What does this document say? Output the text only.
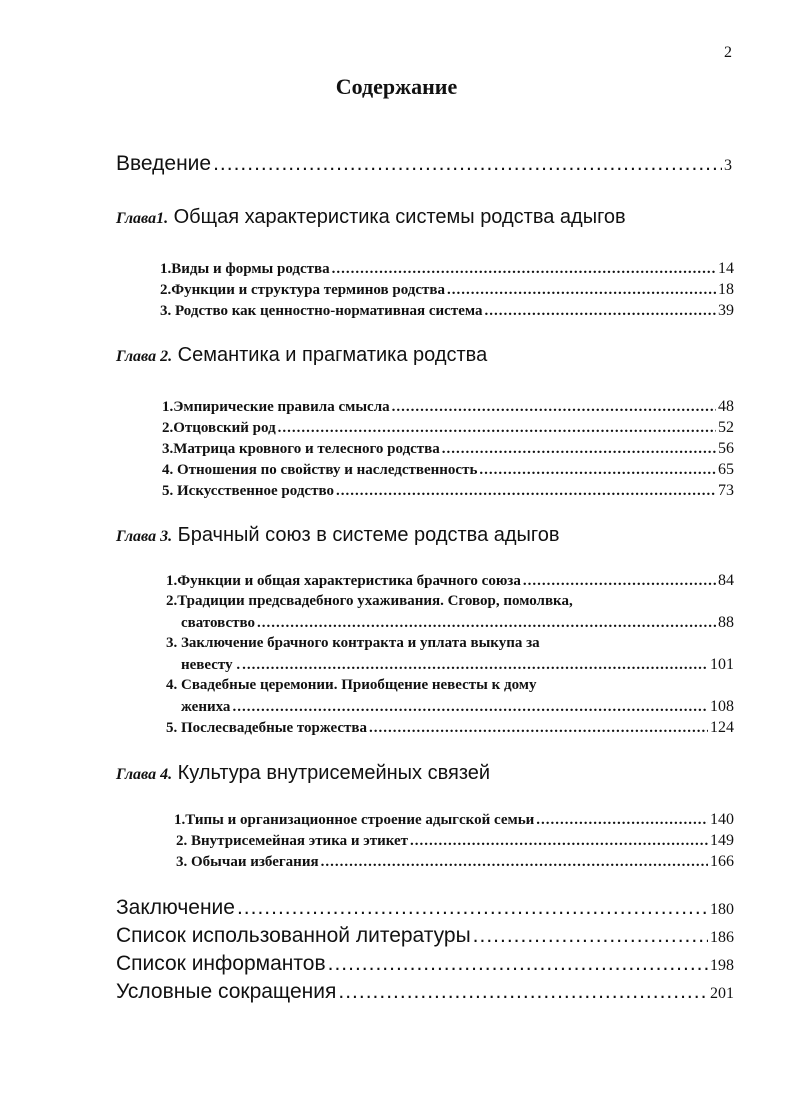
2
Содержание
Введение .....	3
Глава1. Общая характеристика системы родства адыгов
1.Виды и формы родства .....	14
2.Функции и структура терминов родства .....	18
3. Родство как ценностно-нормативная система .....	39
Глава 2. Семантика и прагматика родства
1.Эмпирические правила смысла .....	48
2.Отцовский род .....	52
3.Матрица кровного и телесного родства .....	56
4. Отношения по свойству и наследственность .....	65
5. Искусственное родство .....	73
Глава 3. Брачный союз в системе родства адыгов
1.Функции и общая характеристика брачного союза .....	84
2.Традиции предсвадебного ухаживания. Сговор, помолвка,
сватовство .....	88
3. Заключение брачного контракта и уплата выкупа за
невесту . .....	101
4. Свадебные церемонии. Приобщение невесты к дому
жениха .....	108
5. Послесвадебные торжества .....	124
Глава 4. Культура внутрисемейных связей
1.Типы и организационное строение адыгской семьи .....	140
2. Внутрисемейная этика и этикет .....	149
3. Обычаи избегания .....	166
Заключение .....	180
Список использованной литературы .....	186
Список информантов .....	198
Условные сокращения .....	201
